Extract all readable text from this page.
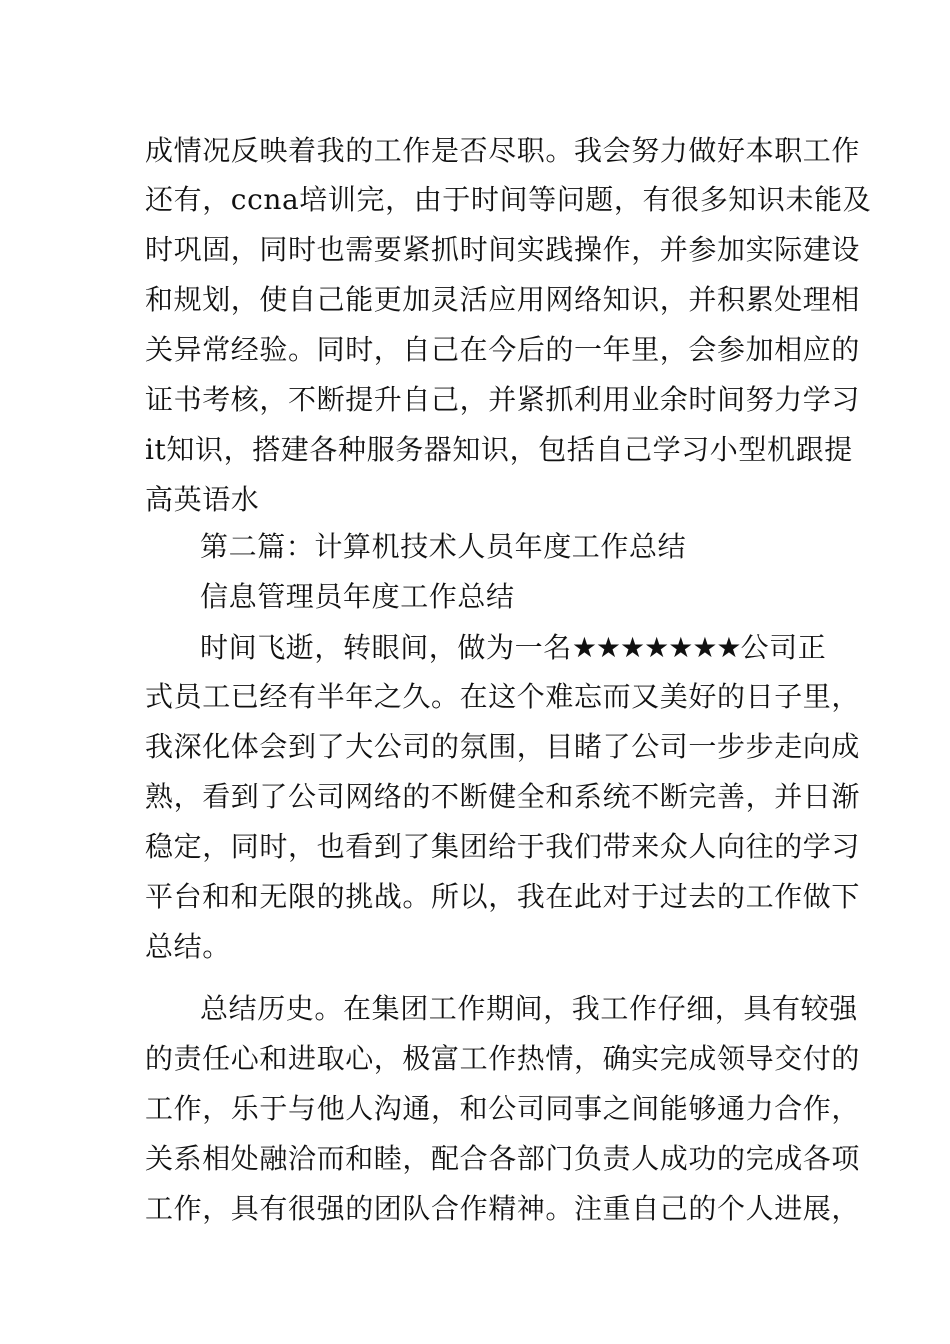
成情况反映着我的工作是否尽职。我会努力做好本职工作
还有，ccna培训完，由于时间等问题，有很多知识未能及
时巩固，同时也需要紧抓时间实践操作，并参加实际建设
和规划，使自己能更加灵活应用网络知识，并积累处理相
关异常经验。同时，自己在今后的一年里，会参加相应的
证书考核，不断提升自己，并紧抓利用业余时间努力学习
it知识，搭建各种服务器知识，包括自己学习小型机跟提
高英语水
第二篇：计算机技术人员年度工作总结
信息管理员年度工作总结
时间飞逝，转眼间，做为一名★★★★★★★公司正
式员工已经有半年之久。在这个难忘而又美好的日子里，
我深化体会到了大公司的氛围，目睹了公司一步步走向成
熟，看到了公司网络的不断健全和系统不断完善，并日渐
稳定，同时，也看到了集团给于我们带来众人向往的学习
平台和和无限的挑战。所以，我在此对于过去的工作做下
总结。
总结历史。在集团工作期间，我工作仔细，具有较强
的责任心和进取心，极富工作热情，确实完成领导交付的
工作，乐于与他人沟通，和公司同事之间能够通力合作，
关系相处融洽而和睦，配合各部门负责人成功的完成各项
工作，具有很强的团队合作精神。注重自己的个人进展，
